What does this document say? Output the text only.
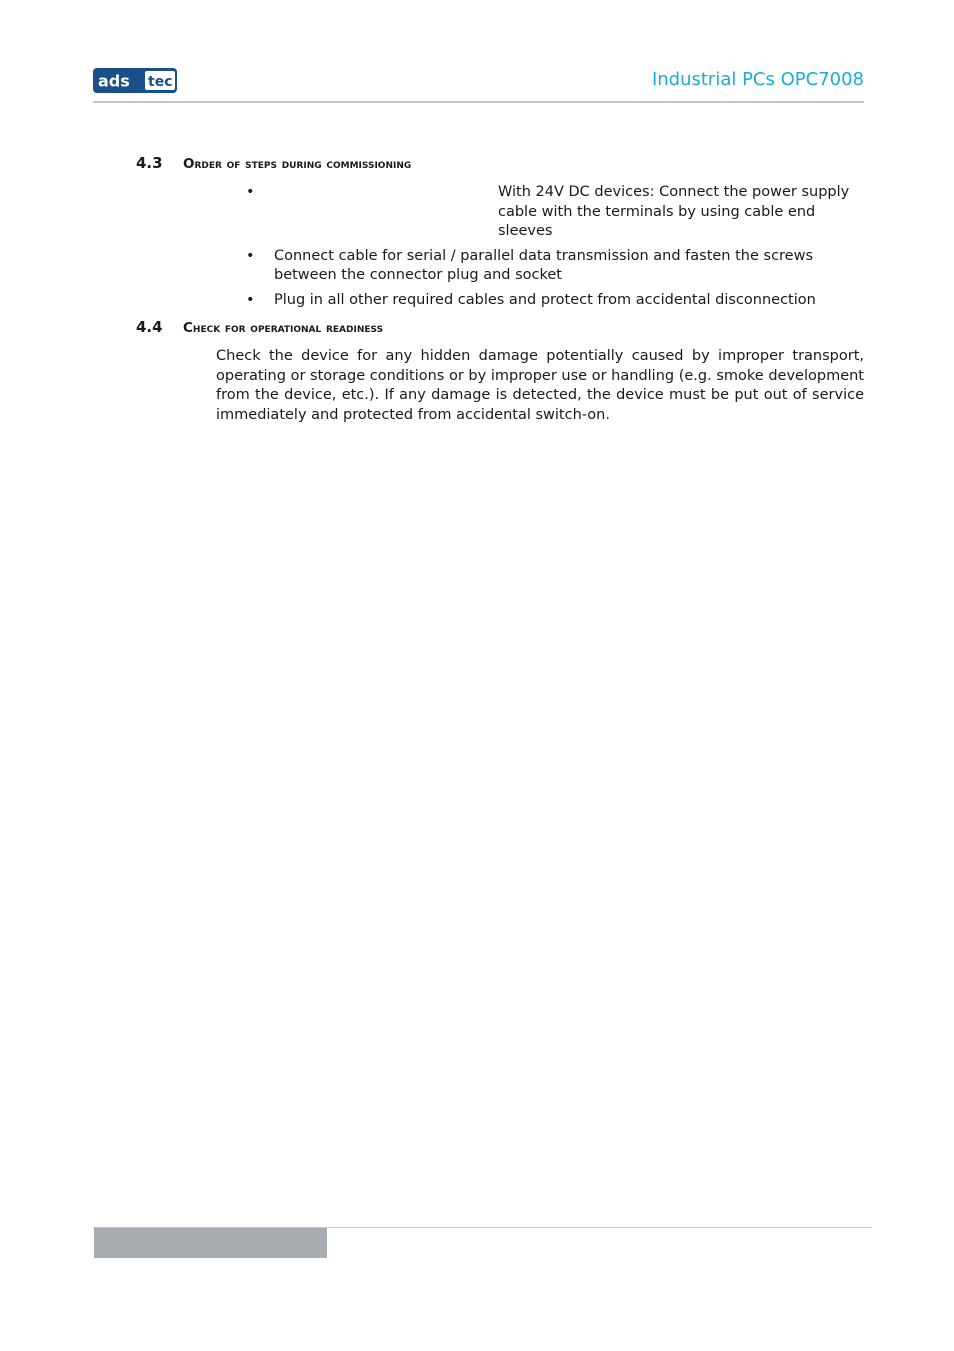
ads tec	Industrial PCs OPC7008
4.3 Order of steps during commissioning
•	With 24V DC devices: Connect the power supply cable with the terminals by using cable end sleeves
• Connect cable for serial / parallel data transmission and fasten the screws between the connector plug and socket
• Plug in all other required cables and protect from accidental disconnection
4.4 Check for operational readiness

Check the device for any hidden damage potentially caused by improper transport, operating or storage conditions or by improper use or handling (e.g. smoke development from the device, etc.). If any damage is detected, the device must be put out of service immediately and protected from accidental switch-on.
